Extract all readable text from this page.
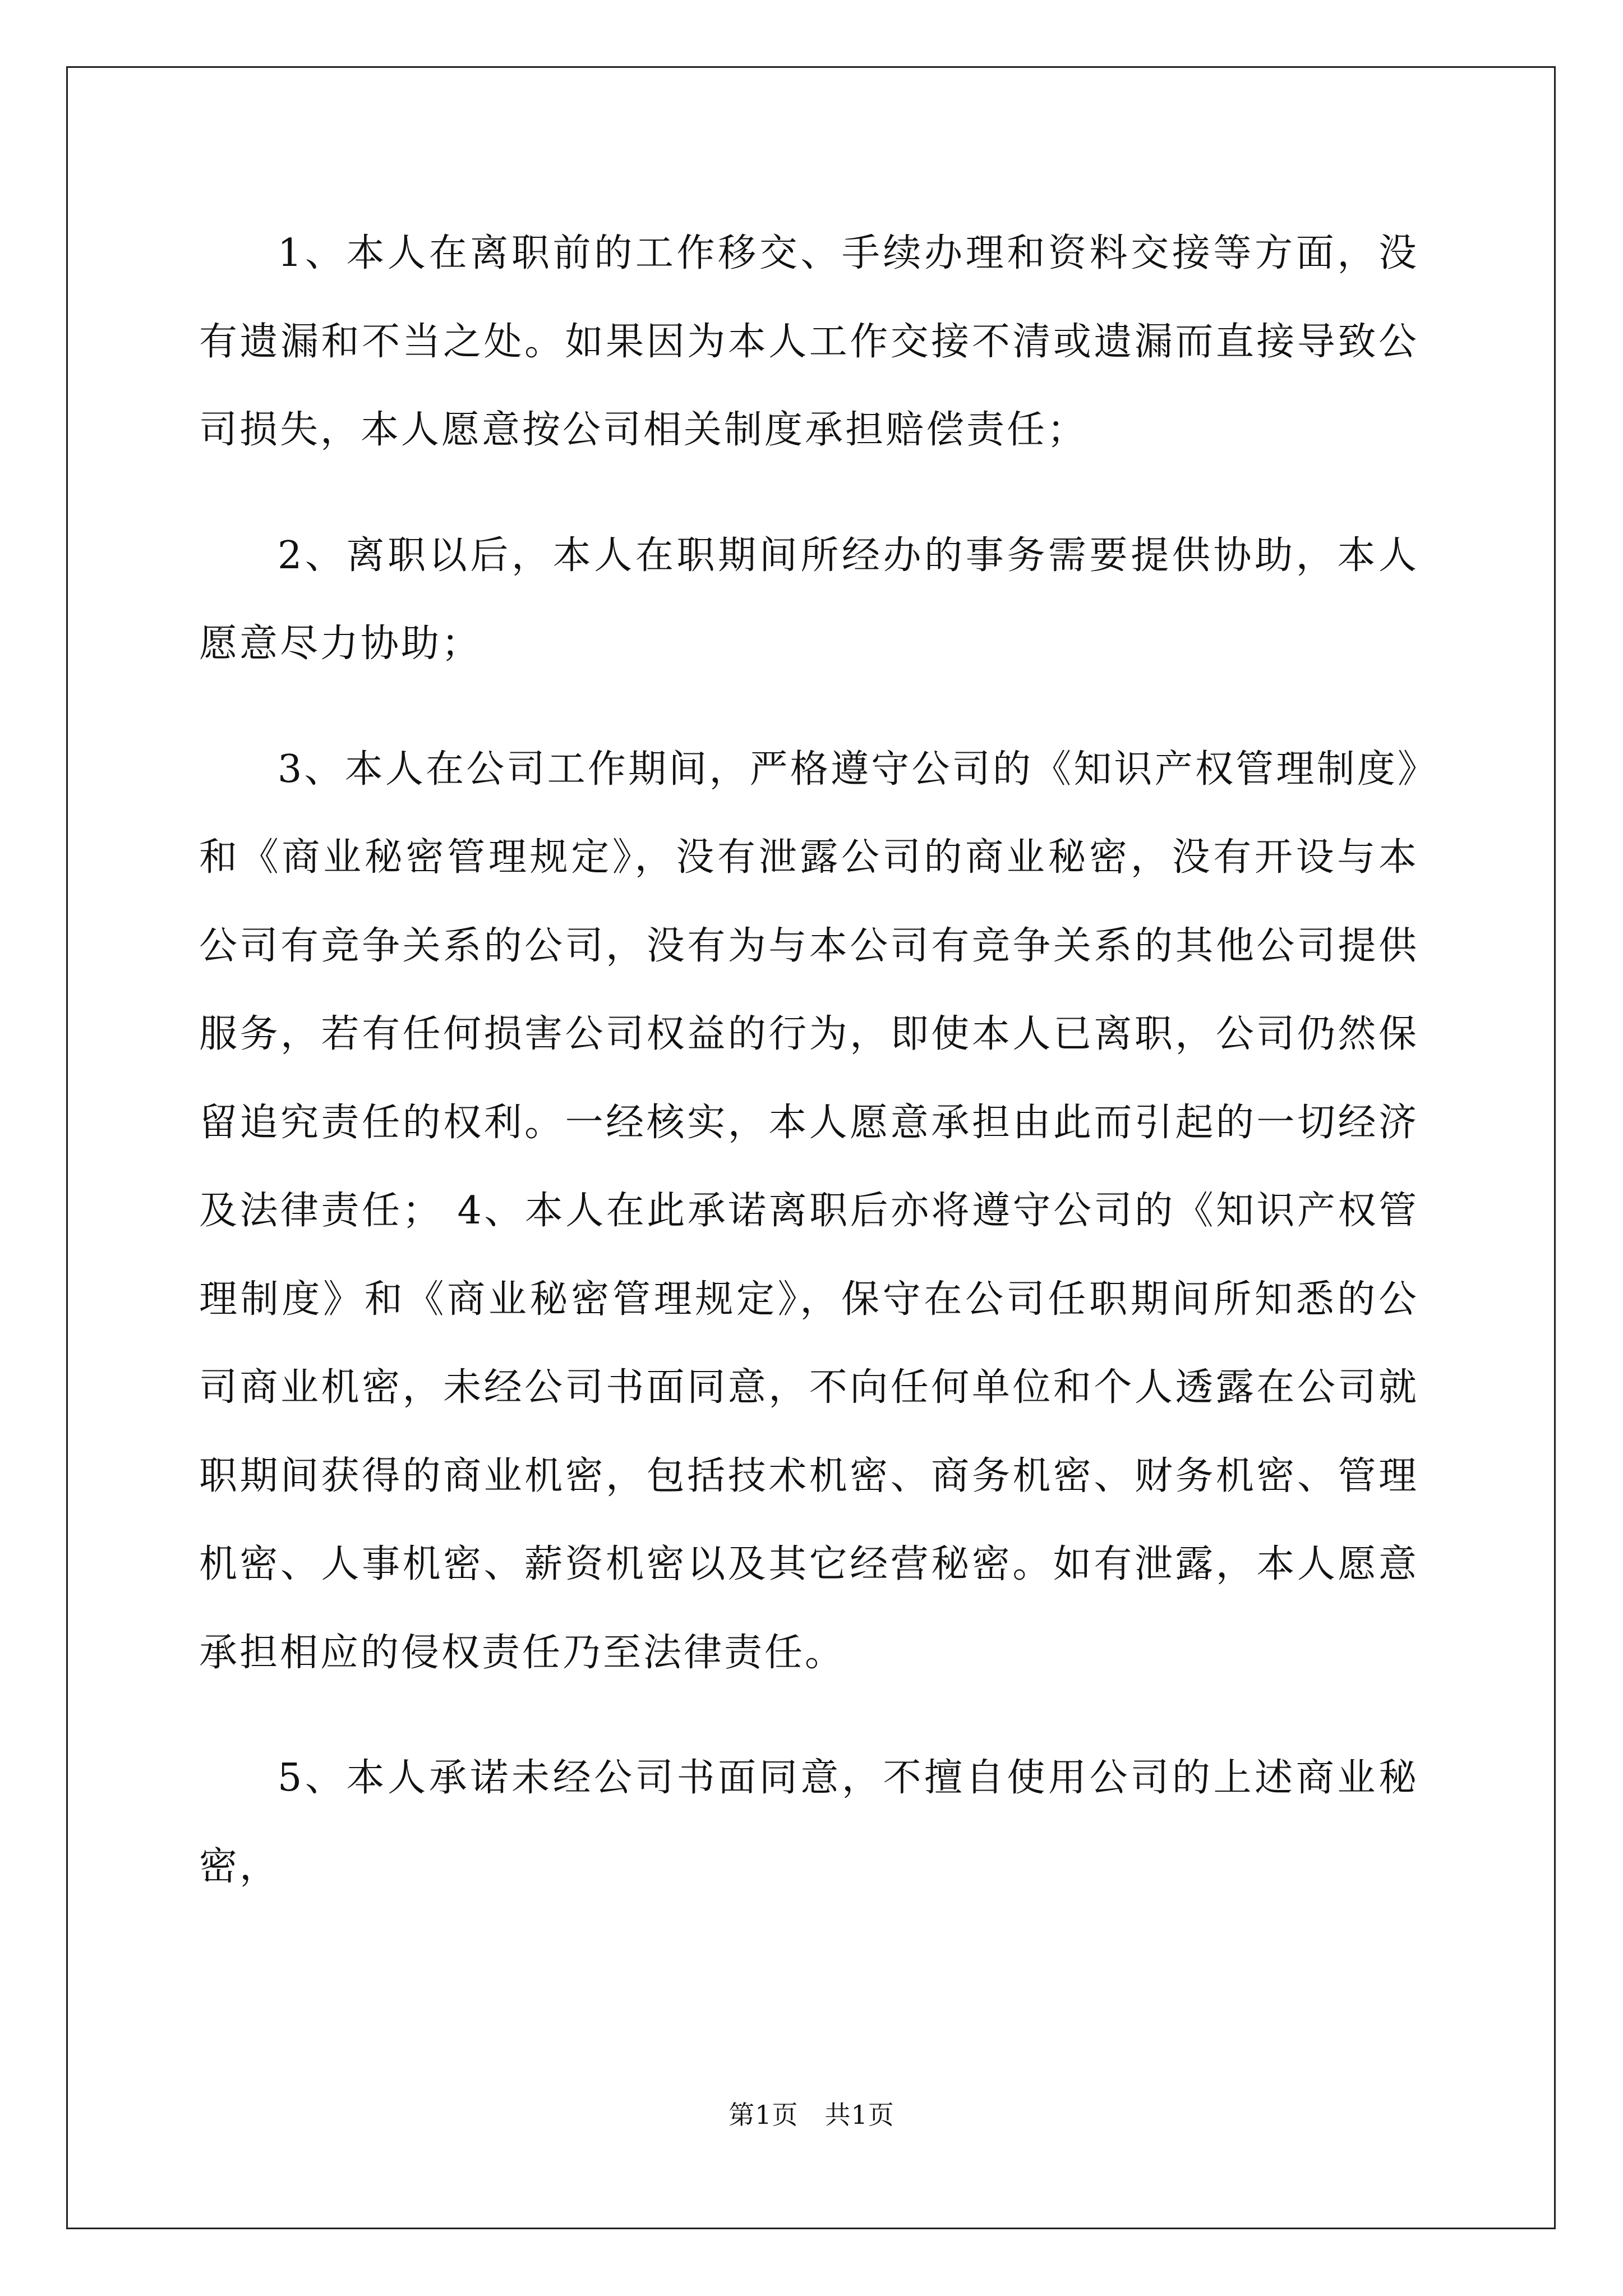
1、本人在离职前的工作移交、手续办理和资料交接等方面，没有遗漏和不当之处。如果因为本人工作交接不清或遗漏而直接导致公司损失，本人愿意按公司相关制度承担赔偿责任；

2、离职以后，本人在职期间所经办的事务需要提供协助，本人愿意尽力协助；

3、本人在公司工作期间，严格遵守公司的《知识产权管理制度》和《商业秘密管理规定》，没有泄露公司的商业秘密，没有开设与本公司有竞争关系的公司，没有为与本公司有竞争关系的其他公司提供服务，若有任何损害公司权益的行为，即使本人已离职，公司仍然保留追究责任的权利。一经核实，本人愿意承担由此而引起的一切经济及法律责任； 4、本人在此承诺离职后亦将遵守公司的《知识产权管理制度》和《商业秘密管理规定》，保守在公司任职期间所知悉的公司商业机密，未经公司书面同意，不向任何单位和个人透露在公司就职期间获得的商业机密，包括技术机密、商务机密、财务机密、管理机密、人事机密、薪资机密以及其它经营秘密。如有泄露，本人愿意承担相应的侵权责任乃至法律责任。

5、本人承诺未经公司书面同意，不擅自使用公司的上述商业秘密，

第1页 共1页
